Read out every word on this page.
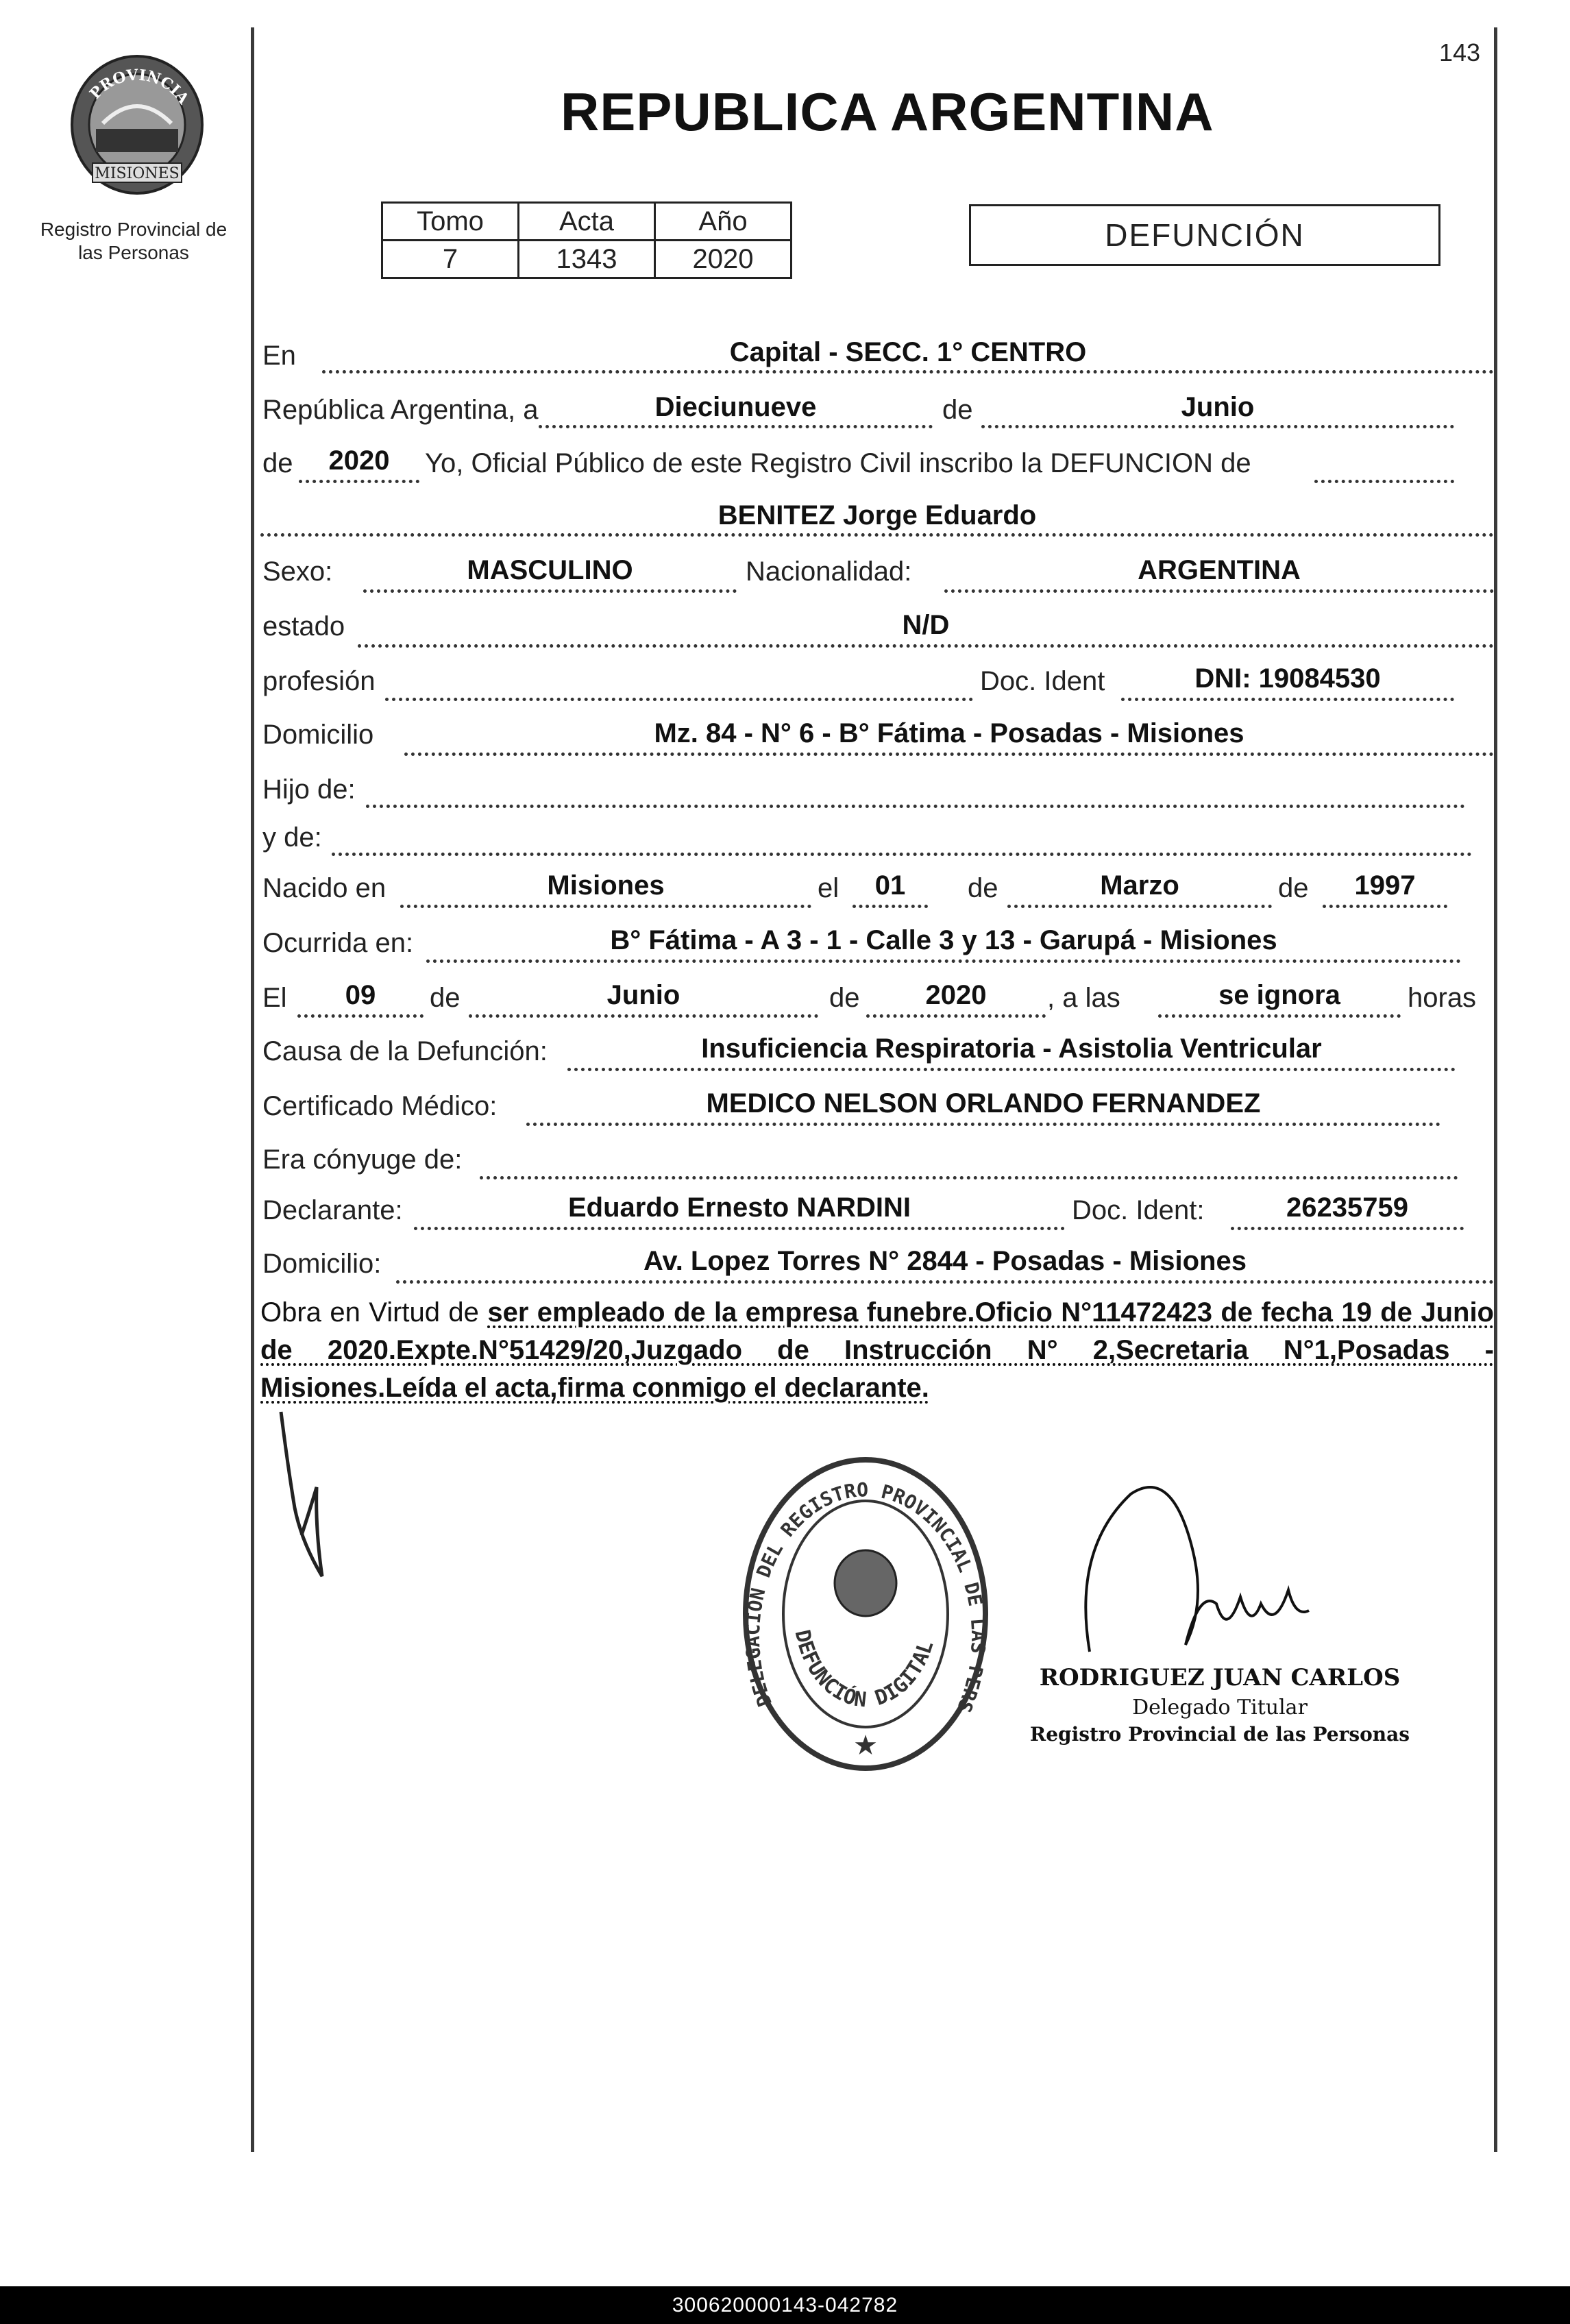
143
PROVINCIA
MISIONES
Registro Provincial de
las Personas
REPUBLICA ARGENTINA
Tomo	Acta	Año
7	1343	2020
DEFUNCIÓN
En	Capital - SECC. 1° CENTRO
República Argentina, a	Dieciunueve	de	Junio
de	2020	Yo, Oficial Público de este Registro Civil inscribo la DEFUNCION de
BENITEZ Jorge Eduardo
Sexo:	MASCULINO	Nacionalidad:	ARGENTINA
estado	N/D
profesión	Doc. Ident	DNI: 19084530
Domicilio	Mz. 84 - N° 6 - B° Fátima - Posadas - Misiones
Hijo de:
y de:
Nacido en	Misiones	el	01	de	Marzo	de	1997
Ocurrida en:	B° Fátima - A 3 - 1 - Calle 3 y 13 - Garupá - Misiones
El	09	de	Junio	de	2020	, a las	se ignora	horas
Causa de la Defunción:	Insuficiencia Respiratoria - Asistolia Ventricular
Certificado Médico:	MEDICO NELSON ORLANDO FERNANDEZ
Era cónyuge de:
Declarante:	Eduardo Ernesto NARDINI	Doc. Ident:	26235759
Domicilio:	Av. Lopez Torres N° 2844 - Posadas - Misiones
Obra en Virtud de ser empleado de la empresa funebre.Oficio N°11472423 de fecha 19 de Junio de 2020.Expte.N°51429/20,Juzgado de Instrucción N° 2,Secretaria N°1,Posadas - Misiones.Leída el acta,firma conmigo el declarante.
DELEGACIÓN DEL REGISTRO PROVINCIAL DE LAS PERS
DEFUNCIÓN DIGITAL
★
RODRIGUEZ JUAN CARLOS
Delegado Titular
Registro Provincial de las Personas
300620000143-042782
